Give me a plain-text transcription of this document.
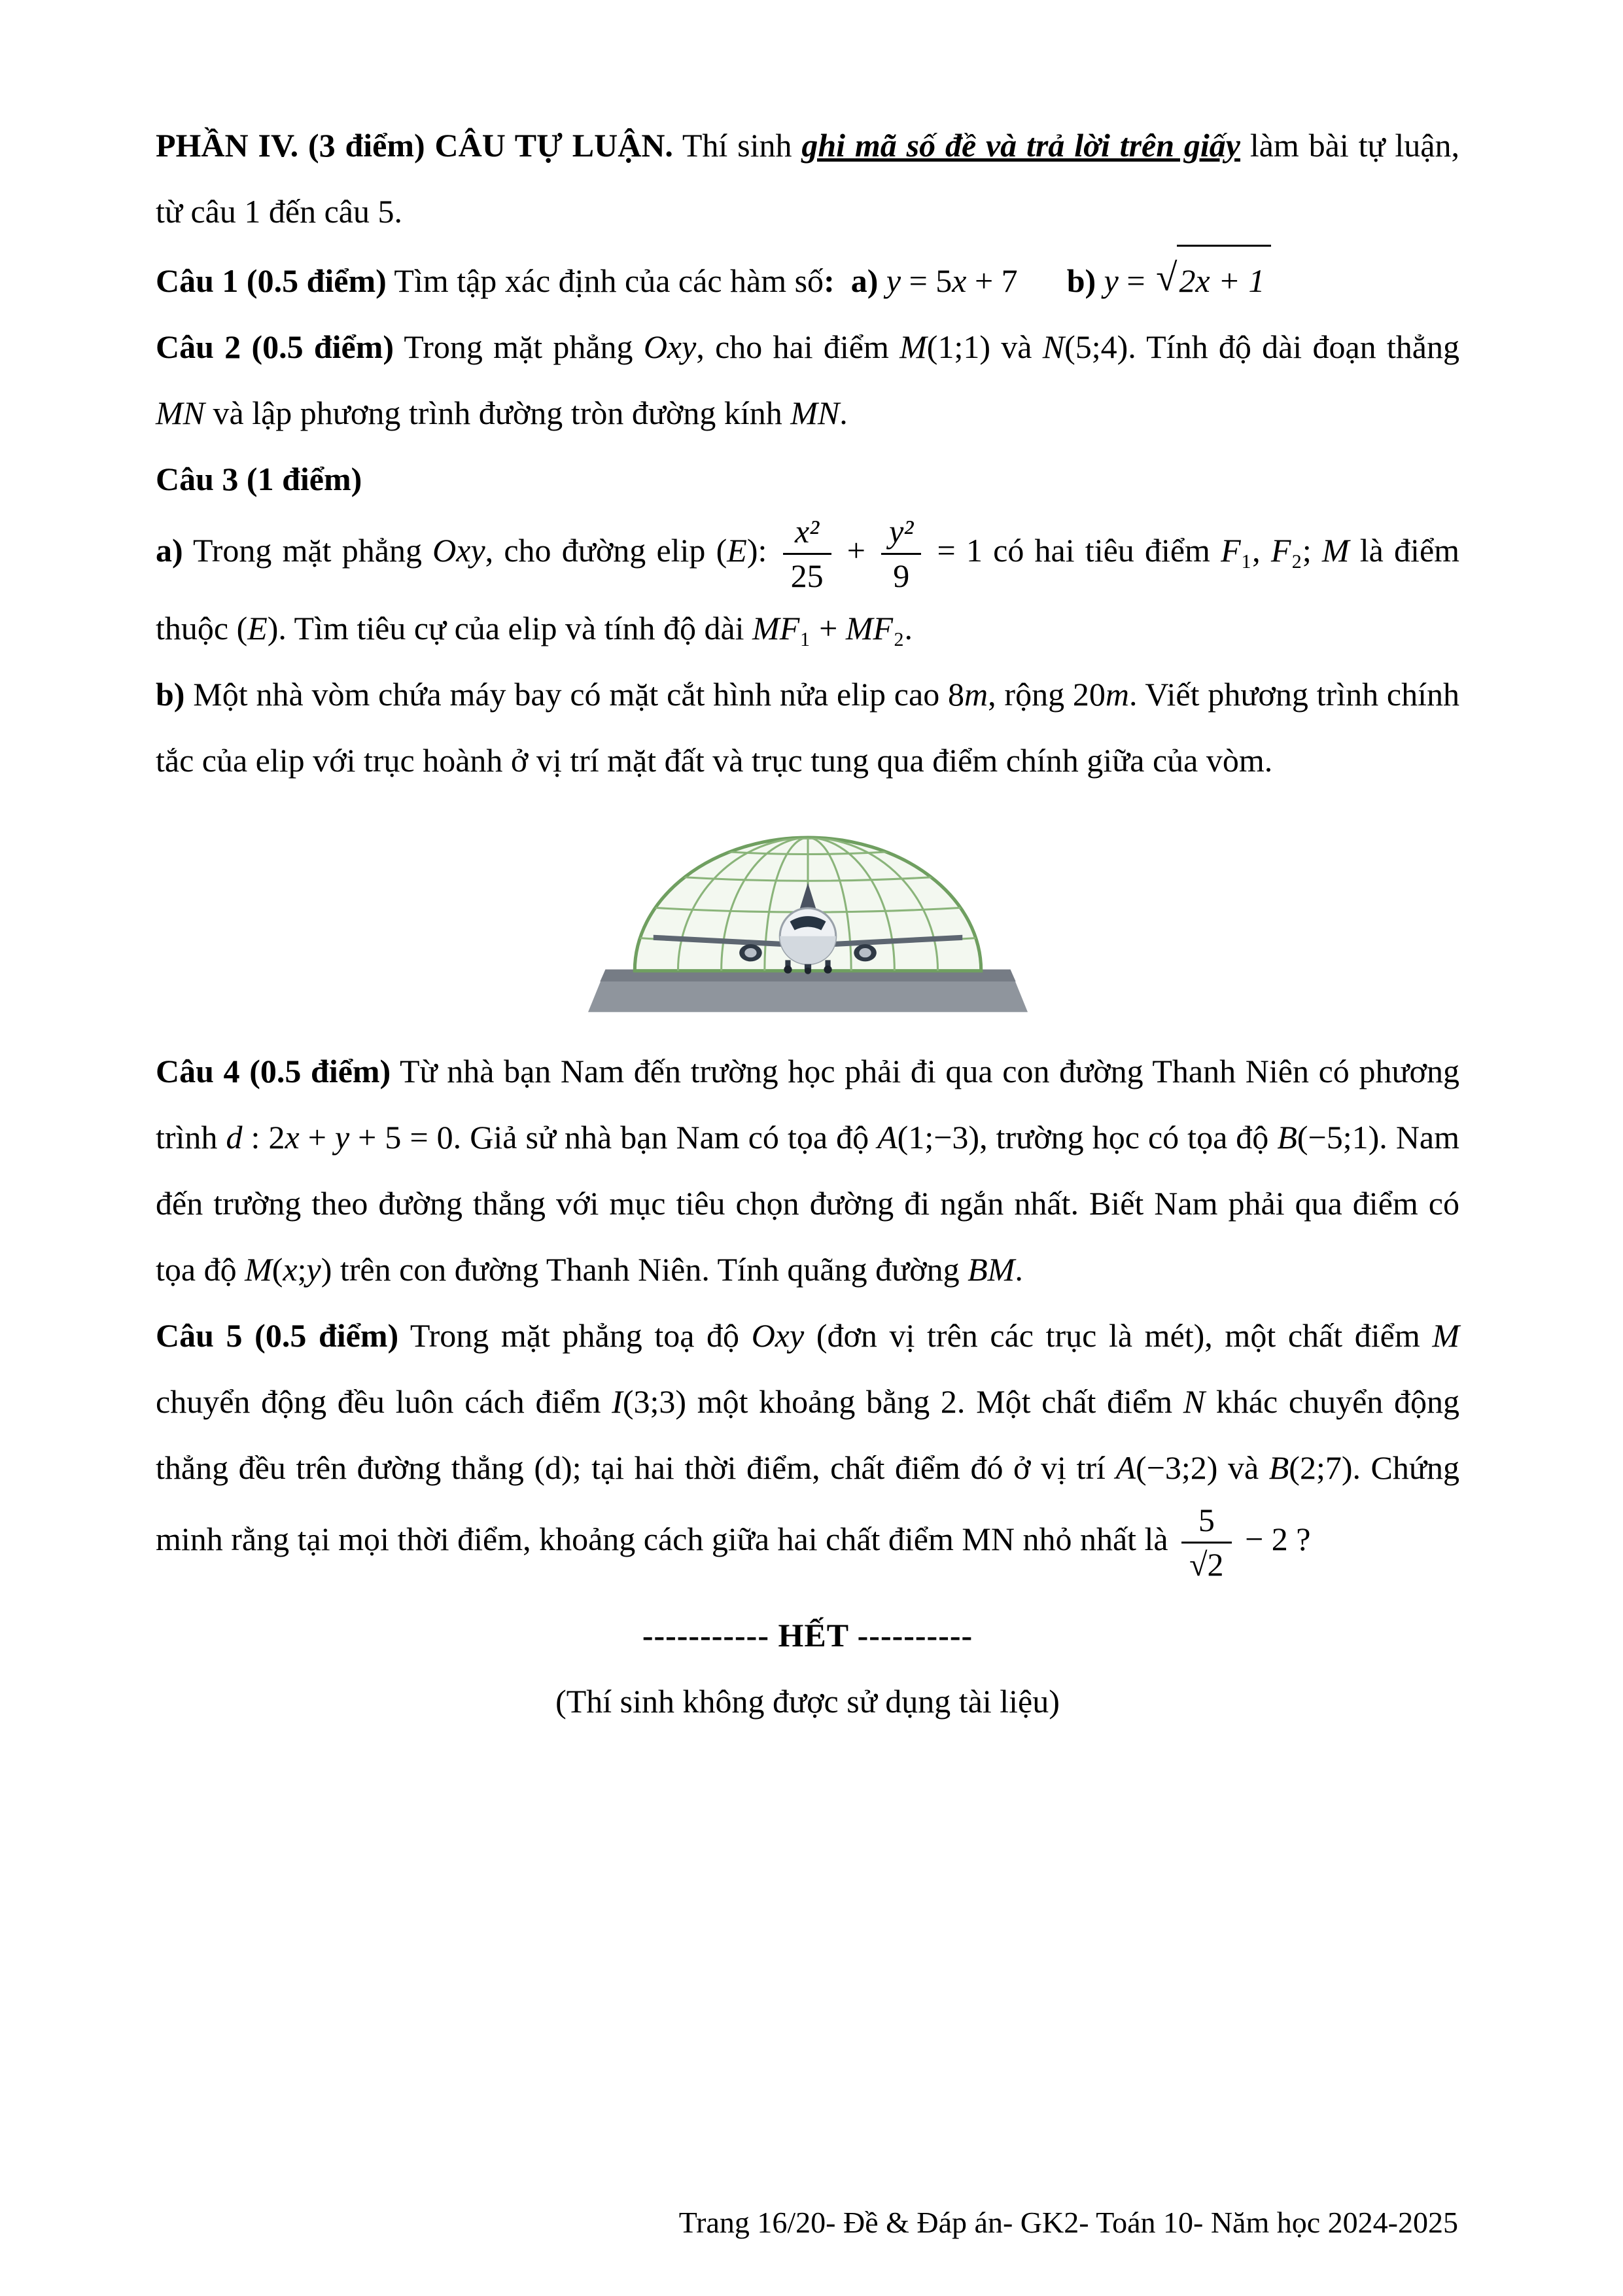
PHẦN IV. (3 điểm) CÂU TỰ LUẬN. Thí sinh ghi mã số đề và trả lời trên giấy làm bài tự luận, từ câu 1 đến câu 5.

Câu 1 (0.5 điểm) Tìm tập xác định của các hàm số: a) y = 5x + 7 b) y = √2x + 1

Câu 2 (0.5 điểm) Trong mặt phẳng Oxy, cho hai điểm M(1;1) và N(5;4). Tính độ dài đoạn thẳng MN và lập phương trình đường tròn đường kính MN.

Câu 3 (1 điểm)

a) Trong mặt phẳng Oxy, cho đường elip (E): $\frac{\text{x²}}{25} + \frac{\text{y²}}{9} = 1$ có hai tiêu điểm F₁, F₂; M là điểm thuộc (E). Tìm tiêu cự của elip và tính độ dài MF₁ + MF₂.

b) Một nhà vòm chứa máy bay có mặt cắt hình nửa elip cao 8m, rộng 20m. Viết phương trình chính tắc của elip với trục hoành ở vị trí mặt đất và trục tung qua điểm chính giữa của vòm.

Câu 4 (0.5 điểm) Từ nhà bạn Nam đến trường học phải đi qua con đường Thanh Niên có phương trình d : 2x + y + 5 = 0. Giả sử nhà bạn Nam có tọa độ A(1;−3), trường học có tọa độ B(−5;1). Nam đến trường theo đường thẳng với mục tiêu chọn đường đi ngắn nhất. Biết Nam phải qua điểm có tọa độ M(x;y) trên con đường Thanh Niên. Tính quãng đường BM.

Câu 5 (0.5 điểm) Trong mặt phẳng toạ độ Oxy (đơn vị trên các trục là mét), một chất điểm M chuyển động đều luôn cách điểm I(3;3) một khoảng bằng 2. Một chất điểm N khác chuyển động thẳng đều trên đường thẳng (d); tại hai thời điểm, chất điểm đó ở vị trí A(−3;2) và B(2;7). Chứng minh rằng tại mọi thời điểm, khoảng cách giữa hai chất điểm MN nhỏ nhất là $\frac{5}{√2} - 2$ ?

----------- HẾT ----------

(Thí sinh không được sử dụng tài liệu)

Trang 16/20- Đề & Đáp án- GK2- Toán 10- Năm học 2024-2025
